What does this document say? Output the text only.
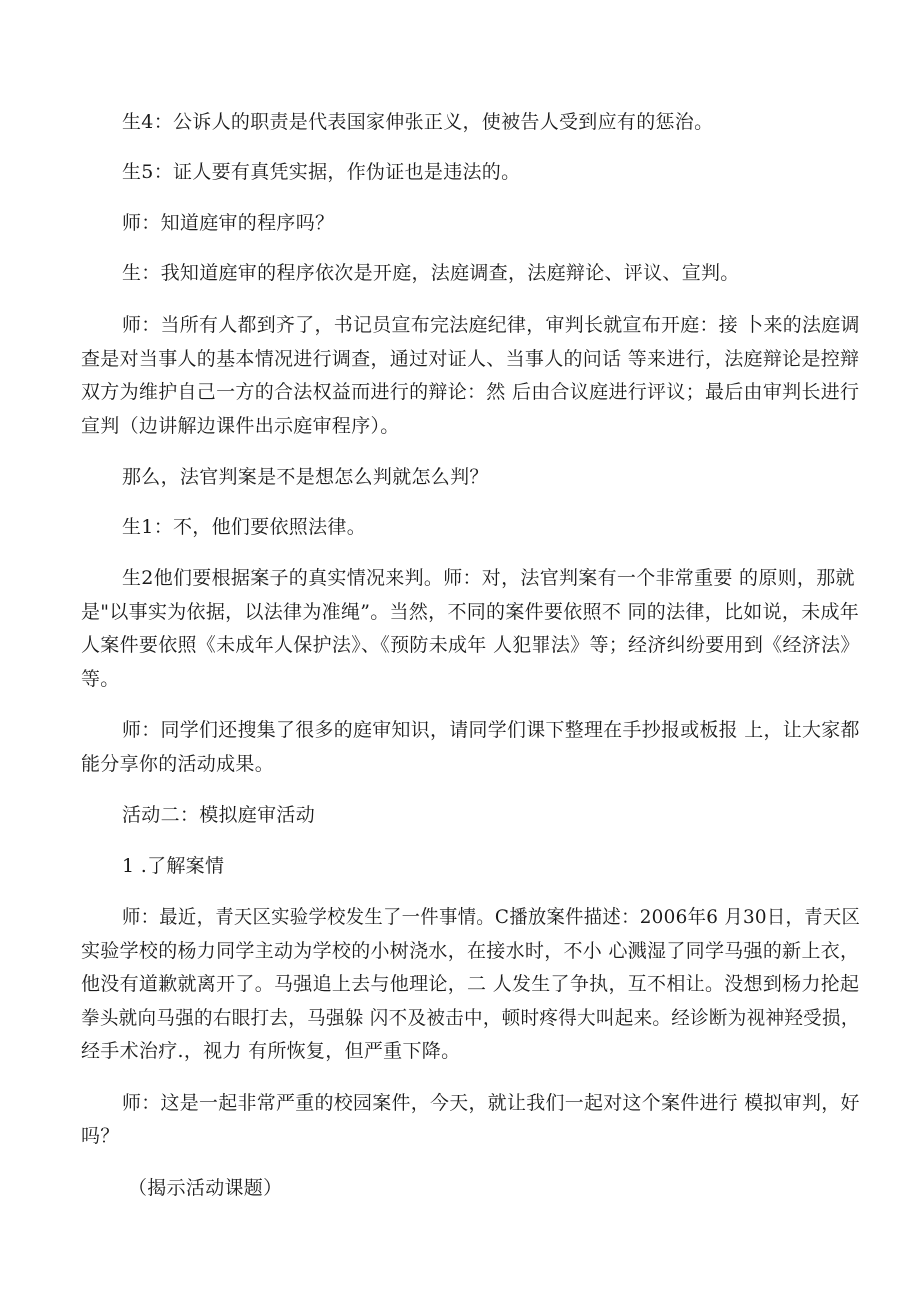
生4：公诉人的职责是代表国家伸张正义，使被告人受到应有的惩治。
生5：证人要有真凭实据，作伪证也是违法的。
师：知道庭审的程序吗？
生：我知道庭审的程序依次是开庭，法庭调查，法庭辩论、评议、宣判。
师：当所有人都到齐了，书记员宣布完法庭纪律，审判长就宣布开庭：接 卜来的法庭调
查是对当事人的基本情况进行调查，通过对证人、当事人的问话 等来进行，法庭辩论是控辩
双方为维护自己一方的合法权益而进行的辩论：然 后由合议庭进行评议；最后由审判长进行
宣判（边讲解边课件出示庭审程序）。
那么，法官判案是不是想怎么判就怎么判？
生1：不，他们要依照法律。
生2他们要根据案子的真实情况来判。师：对，法官判案有一个非常重要 的原则，那就
是"以事实为依据，以法律为准绳”。当然，不同的案件要依照不 同的法律，比如说，未成年
人案件要依照《未成年人保护法》、《预防未成年 人犯罪法》等；经济纠纷要用到《经济法》
等。
师：同学们还搜集了很多的庭审知识，请同学们课下整理在手抄报或板报 上，让大家都
能分享你的活动成果。
活动二：模拟庭审活动
1 .了解案情
师：最近，青天区实验学校发生了一件事情。C播放案件描述：2006年6 月30日，青天区
实验学校的杨力同学主动为学校的小树浇水，在接水时，不小 心溅湿了同学马强的新上衣，
他没有道歉就离开了。马强追上去与他理论，二 人发生了争执，互不相让。没想到杨力抡起
拳头就向马强的右眼打去，马强躲 闪不及被击中，顿时疼得大叫起来。经诊断为视神羟受损，
经手术治疗.，视力 有所恢复，但严重下降。
师：这是一起非常严重的校园案件，今天，就让我们一起对这个案件进行 模拟审判，好
吗？
（揭示活动课题）
